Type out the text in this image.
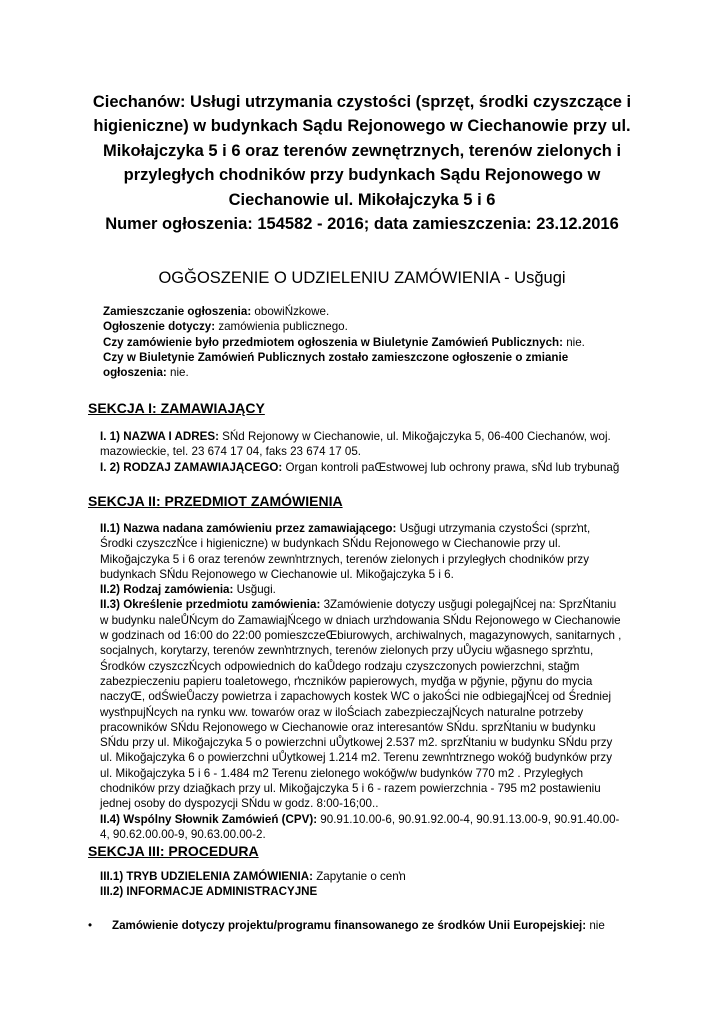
Ciechanów: Usługi utrzymania czystości (sprzęt, środki czyszczące i higieniczne) w budynkach Sądu Rejonowego w Ciechanowie przy ul. Mikołajczyka 5 i 6 oraz terenów zewnętrznych, terenów zielonych i przyległych chodników przy budynkach Sądu Rejonowego w Ciechanowie ul. Mikołajczyka 5 i 6
Numer ogłoszenia: 154582 - 2016; data zamieszczenia: 23.12.2016
OGĞOSZENIE O UDZIELENIU ZAMÓWIENIA - Usğugi

Zamieszczanie ogłoszenia: obowiŃzkowe.

Ogłoszenie dotyczy: zamówienia publicznego.

Czy zamówienie było przedmiotem ogłoszenia w Biuletynie Zamówień Publicznych: nie.

Czy w Biuletynie Zamówień Publicznych zostało zamieszczone ogłoszenie o zmianie ogłoszenia: nie.

SEKCJA I: ZAMAWIAJĄCY

I. 1) NAZWA I ADRES: SŃd Rejonowy w Ciechanowie, ul. Mikoğajczyka 5, 06-400 Ciechanów, woj. mazowieckie, tel. 23 674 17 04, faks 23 674 17 05.

I. 2) RODZAJ ZAMAWIAJĄCEGO: Organ kontroli paŒstwowej lub ochrony prawa, sŃd lub trybunağ

SEKCJA II: PRZEDMIOT ZAMÓWIENIA

II.1) Nazwa nadana zamówieniu przez zamawiającego: Usğugi utrzymania czystoŚci (sprzŉt, Środki czyszczŃce i higieniczne) w budynkach SŃdu Rejonowego w Ciechanowie przy ul. Mikoğajczyka 5 i 6 oraz terenów zewnŉtrznych, terenów zielonych i przyległych chodników przy budynkach SŃdu Rejonowego w Ciechanowie ul. Mikoğajczyka 5 i 6.

II.2) Rodzaj zamówienia: Usğugi.

II.3) Określenie przedmiotu zamówienia: 3Zamówienie dotyczy usğugi polegajŃcej na: SprzŃtaniu w budynku naleŮŃcym do ZamawiajŃcego w dniach urzŉdowania SŃdu Rejonowego w Ciechanowie w godzinach od 16:00 do 22:00 pomieszczeŒbiurowych, archiwalnych, magazynowych, sanitarnych , socjalnych, korytarzy, terenów zewnŉtrznych, terenów zielonych przy uŮyciu wğasnego sprzŉtu, Środków czyszczŃcych odpowiednich do kaŮdego rodzaju czyszczonych powierzchni, stağm zabezpieczeniu papieru toaletowego, rŉczników papierowych, mydğa w pğynie, pğynu do mycia naczyŒ, odŚwieŮaczy powietrza i zapachowych kostek WC o jakoŚci nie odbiegajŃcej od Średniej wystŉpujŃcych na rynku ww. towarów oraz w iloŚciach zabezpieczajŃcych naturalne potrzeby pracowników SŃdu Rejonowego w Ciechanowie oraz interesantów SŃdu. sprzŃtaniu w budynku SŃdu przy ul. Mikoğajczyka 5 o powierzchni uŮytkowej 2.537 m2. sprzŃtaniu w budynku SŃdu przy ul. Mikoğajczyka 6 o powierzchni uŮytkowej 1.214 m2. Terenu zewnŉtrznego wokóğ budynków przy ul. Mikoğajczyka 5 i 6 - 1.484 m2 Terenu zielonego wokóğw/w budynków 770 m2 . Przyległych chodników przy dziağkach przy ul. Mikoğajczyka 5 i 6 - razem powierzchnia - 795 m2 postawieniu jednej osoby do dyspozycji SŃdu w godz. 8:00-16;00..

II.4) Wspólny Słownik Zamówień (CPV): 90.91.10.00-6, 90.91.92.00-4, 90.91.13.00-9, 90.91.40.00-4, 90.62.00.00-9, 90.63.00.00-2.

SEKCJA III: PROCEDURA

III.1) TRYB UDZIELENIA ZAMÓWIENIA: Zapytanie o cenŉ

III.2) INFORMACJE ADMINISTRACYJNE

• Zamówienie dotyczy projektu/programu finansowanego ze środków Unii Europejskiej: nie
